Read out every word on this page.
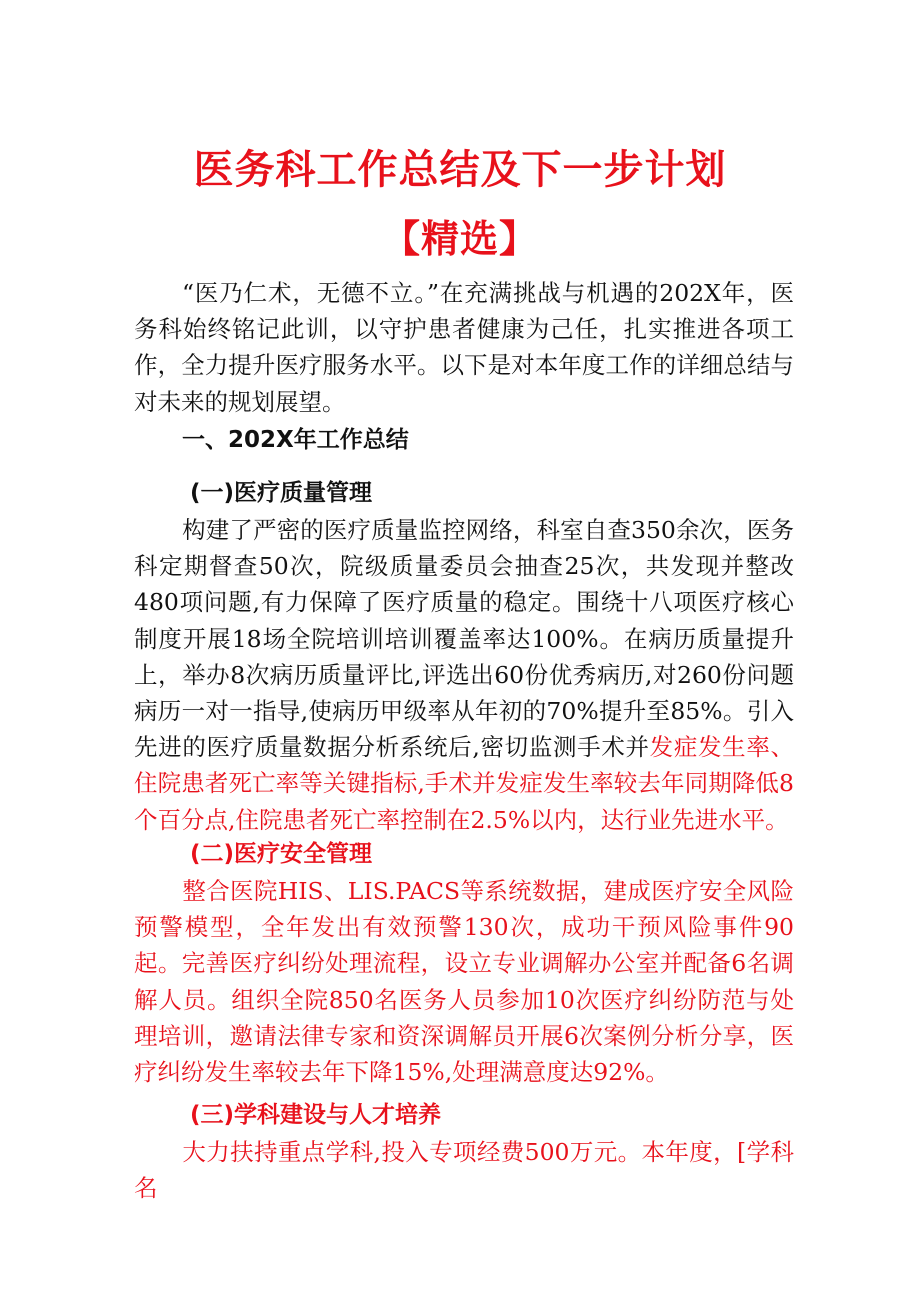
医务科工作总结及下一步计划
【精选】

“医乃仁术，无德不立。”在充满挑战与机遇的202X年，医务科始终铭记此训，以守护患者健康为己任，扎实推进各项工作，全力提升医疗服务水平。以下是对本年度工作的详细总结与对未来的规划展望。

一、202X年工作总结
(一)医疗质量管理

构建了严密的医疗质量监控网络，科室自查350余次，医务科定期督查50次，院级质量委员会抽查25次，共发现并整改480项问题,有力保障了医疗质量的稳定。围绕十八项医疗核心制度开展18场全院培训培训覆盖率达100%。在病历质量提升上，举办8次病历质量评比,评选出60份优秀病历,对260份问题病历一对一指导,使病历甲级率从年初的70%提升至85%。引入先进的医疗质量数据分析系统后,密切监测手术并发症发生率、住院患者死亡率等关键指标,手术并发症发生率较去年同期降低8个百分点,住院患者死亡率控制在2.5%以内，达行业先进水平。

(二)医疗安全管理

整合医院HIS、LIS.PACS等系统数据，建成医疗安全风险预警模型，全年发出有效预警130次，成功干预风险事件90起。完善医疗纠纷处理流程，设立专业调解办公室并配备6名调解人员。组织全院850名医务人员参加10次医疗纠纷防范与处理培训，邀请法律专家和资深调解员开展6次案例分析分享，医疗纠纷发生率较去年下降15%,处理满意度达92%。

(三)学科建设与人才培养

大力扶持重点学科,投入专项经费500万元。本年度，[学科名
